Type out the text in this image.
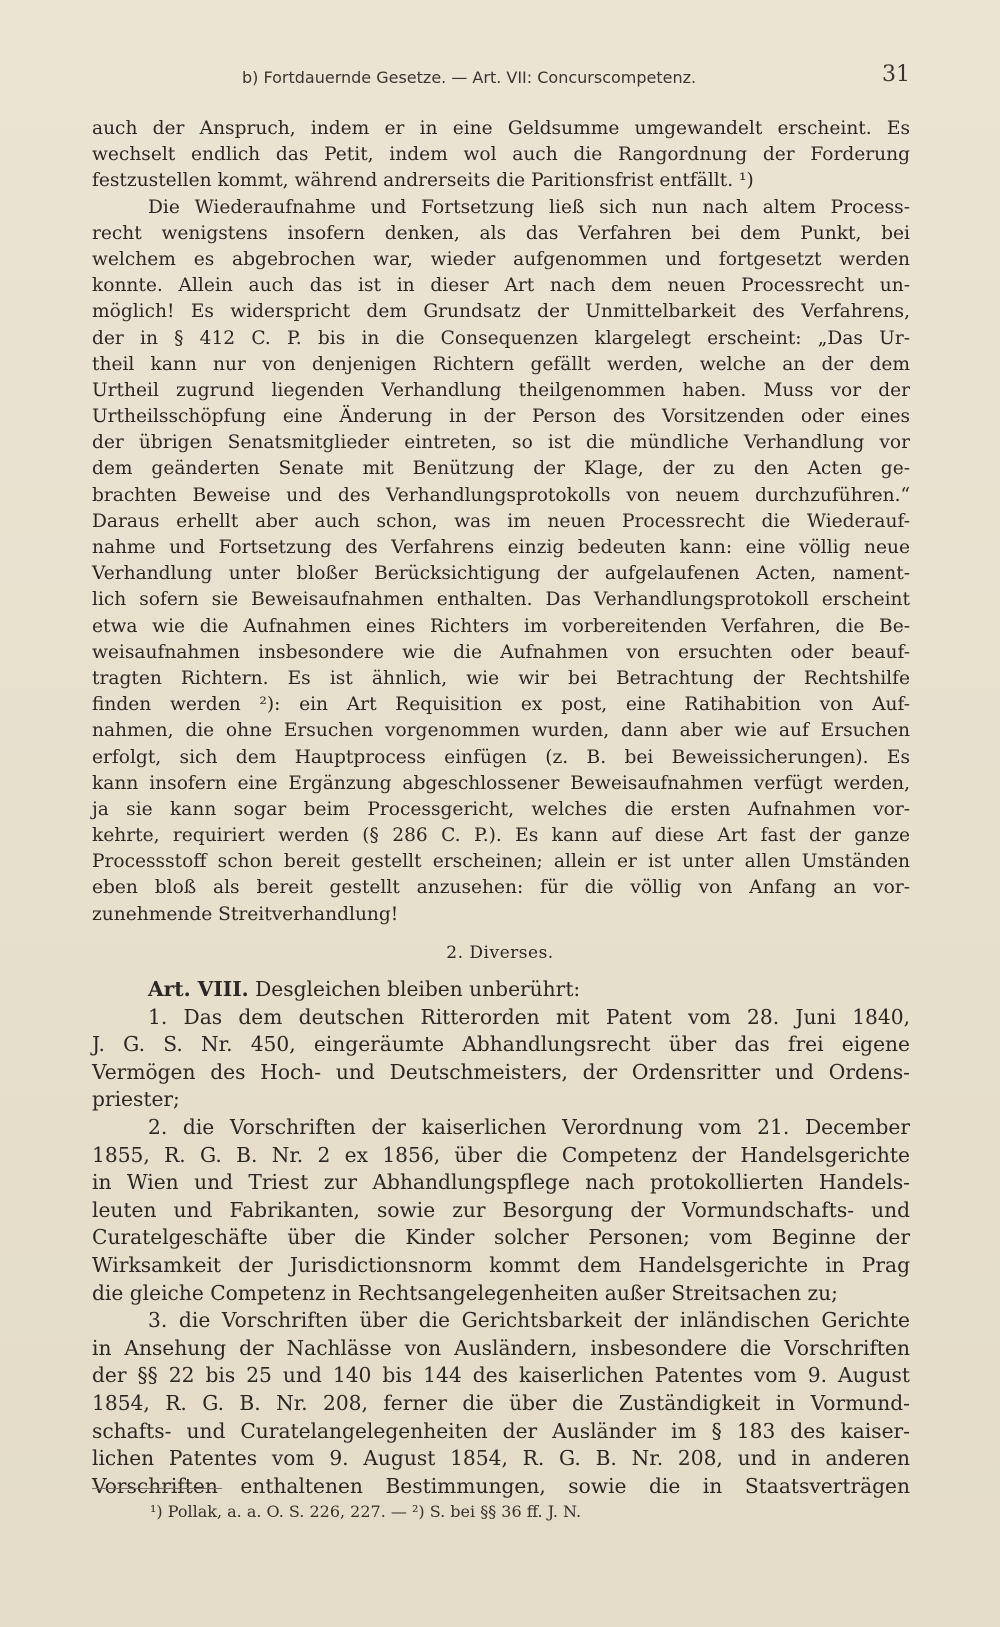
b) Fortdauernde Gesetze. — Art. VII: Concurscompetenz.	31
auch der Anspruch, indem er in eine Geldsumme umgewandelt erscheint. Es
wechselt endlich das Petit, indem wol auch die Rangordnung der Forderung
festzustellen kommt, während andrerseits die Paritionsfrist entfällt. ¹)
Die Wiederaufnahme und Fortsetzung ließ sich nun nach altem Process-
recht wenigstens insofern denken, als das Verfahren bei dem Punkt, bei
welchem es abgebrochen war, wieder aufgenommen und fortgesetzt werden
konnte. Allein auch das ist in dieser Art nach dem neuen Processrecht un-
möglich! Es widerspricht dem Grundsatz der Unmittelbarkeit des Verfahrens,
der in § 412 C. P. bis in die Consequenzen klargelegt erscheint: „Das Ur-
theil kann nur von denjenigen Richtern gefällt werden, welche an der dem
Urtheil zugrund liegenden Verhandlung theilgenommen haben. Muss vor der
Urtheilsschöpfung eine Änderung in der Person des Vorsitzenden oder eines
der übrigen Senatsmitglieder eintreten, so ist die mündliche Verhandlung vor
dem geänderten Senate mit Benützung der Klage, der zu den Acten ge-
brachten Beweise und des Verhandlungsprotokolls von neuem durchzuführen.“
Daraus erhellt aber auch schon, was im neuen Processrecht die Wiederauf-
nahme und Fortsetzung des Verfahrens einzig bedeuten kann: eine völlig neue
Verhandlung unter bloßer Berücksichtigung der aufgelaufenen Acten, nament-
lich sofern sie Beweisaufnahmen enthalten. Das Verhandlungsprotokoll erscheint
etwa wie die Aufnahmen eines Richters im vorbereitenden Verfahren, die Be-
weisaufnahmen insbesondere wie die Aufnahmen von ersuchten oder beauf-
tragten Richtern. Es ist ähnlich, wie wir bei Betrachtung der Rechtshilfe
finden werden ²): ein Art Requisition ex post, eine Ratihabition von Auf-
nahmen, die ohne Ersuchen vorgenommen wurden, dann aber wie auf Ersuchen
erfolgt, sich dem Hauptprocess einfügen (z. B. bei Beweissicherungen). Es
kann insofern eine Ergänzung abgeschlossener Beweisaufnahmen verfügt werden,
ja sie kann sogar beim Processgericht, welches die ersten Aufnahmen vor-
kehrte, requiriert werden (§ 286 C. P.). Es kann auf diese Art fast der ganze
Processstoff schon bereit gestellt erscheinen; allein er ist unter allen Umständen
eben bloß als bereit gestellt anzusehen: für die völlig von Anfang an vor-
zunehmende Streitverhandlung!
2. Diverses.
Art. VIII. Desgleichen bleiben unberührt:
1. Das dem deutschen Ritterorden mit Patent vom 28. Juni 1840,
J. G. S. Nr. 450, eingeräumte Abhandlungsrecht über das frei eigene
Vermögen des Hoch- und Deutschmeisters, der Ordensritter und Ordens-
priester;
2. die Vorschriften der kaiserlichen Verordnung vom 21. December
1855, R. G. B. Nr. 2 ex 1856, über die Competenz der Handelsgerichte
in Wien und Triest zur Abhandlungspflege nach protokollierten Handels-
leuten und Fabrikanten, sowie zur Besorgung der Vormundschafts- und
Curatelgeschäfte über die Kinder solcher Personen; vom Beginne der
Wirksamkeit der Jurisdictionsnorm kommt dem Handelsgerichte in Prag
die gleiche Competenz in Rechtsangelegenheiten außer Streitsachen zu;
3. die Vorschriften über die Gerichtsbarkeit der inländischen Gerichte
in Ansehung der Nachlässe von Ausländern, insbesondere die Vorschriften
der §§ 22 bis 25 und 140 bis 144 des kaiserlichen Patentes vom 9. August
1854, R. G. B. Nr. 208, ferner die über die Zuständigkeit in Vormund-
schafts- und Curatelangelegenheiten der Ausländer im § 183 des kaiser-
lichen Patentes vom 9. August 1854, R. G. B. Nr. 208, und in anderen
Vorschriften enthaltenen Bestimmungen, sowie die in Staatsverträgen
¹) Pollak, a. a. O. S. 226, 227. — ²) S. bei §§ 36 ff. J. N.
